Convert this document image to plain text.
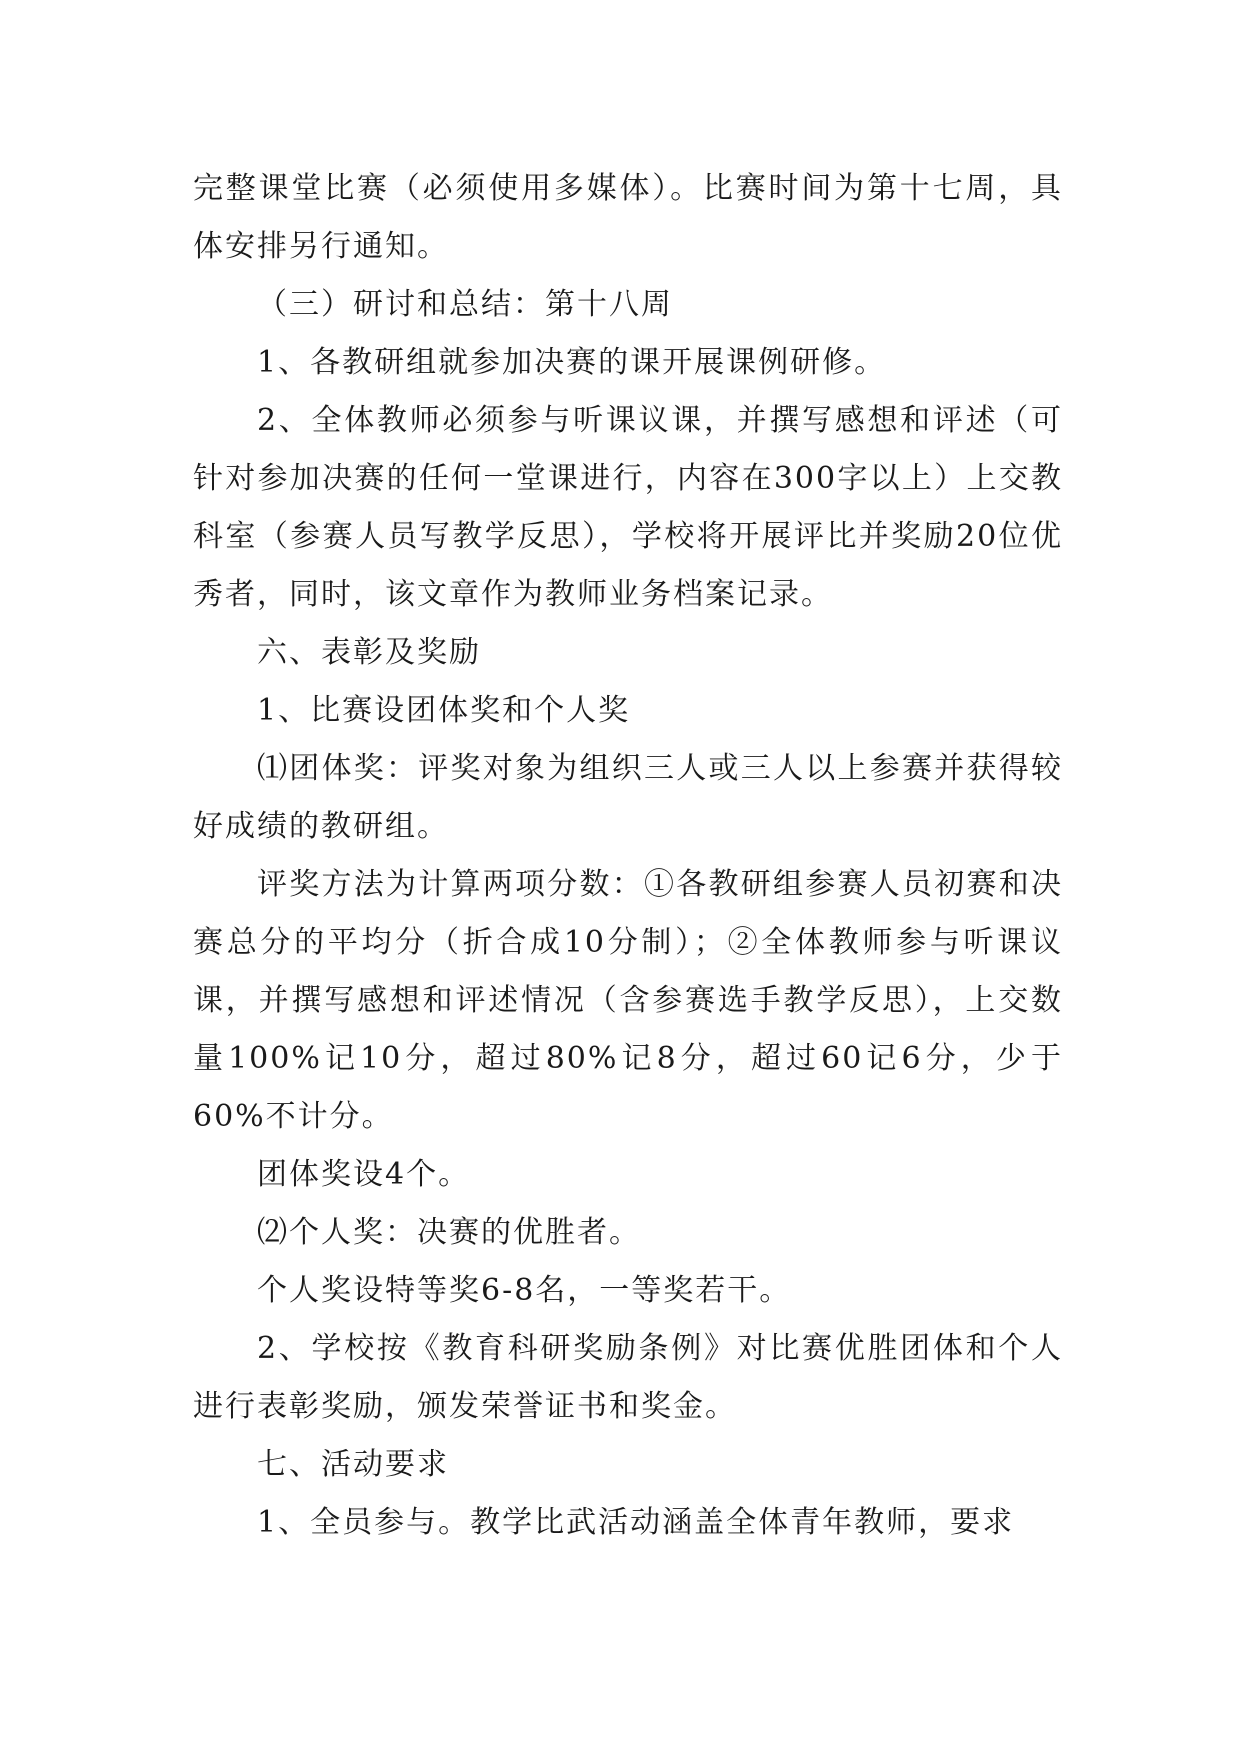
完整课堂比赛（必须使用多媒体）。比赛时间为第十七周，具体安排另行通知。

（三）研讨和总结：第十八周

1、各教研组就参加决赛的课开展课例研修。

2、全体教师必须参与听课议课，并撰写感想和评述（可针对参加决赛的任何一堂课进行，内容在300字以上）上交教科室（参赛人员写教学反思），学校将开展评比并奖励20位优秀者，同时，该文章作为教师业务档案记录。

六、表彰及奖励

1、比赛设团体奖和个人奖

⑴团体奖：评奖对象为组织三人或三人以上参赛并获得较好成绩的教研组。

评奖方法为计算两项分数：①各教研组参赛人员初赛和决赛总分的平均分（折合成10分制）；②全体教师参与听课议课，并撰写感想和评述情况（含参赛选手教学反思），上交数量100%记10分，超过80%记8分，超过60记6分，少于60%不计分。

团体奖设4个。

⑵个人奖：决赛的优胜者。

个人奖设特等奖6-8名，一等奖若干。

2、学校按《教育科研奖励条例》对比赛优胜团体和个人进行表彰奖励，颁发荣誉证书和奖金。

七、活动要求

1、全员参与。教学比武活动涵盖全体青年教师，要求
